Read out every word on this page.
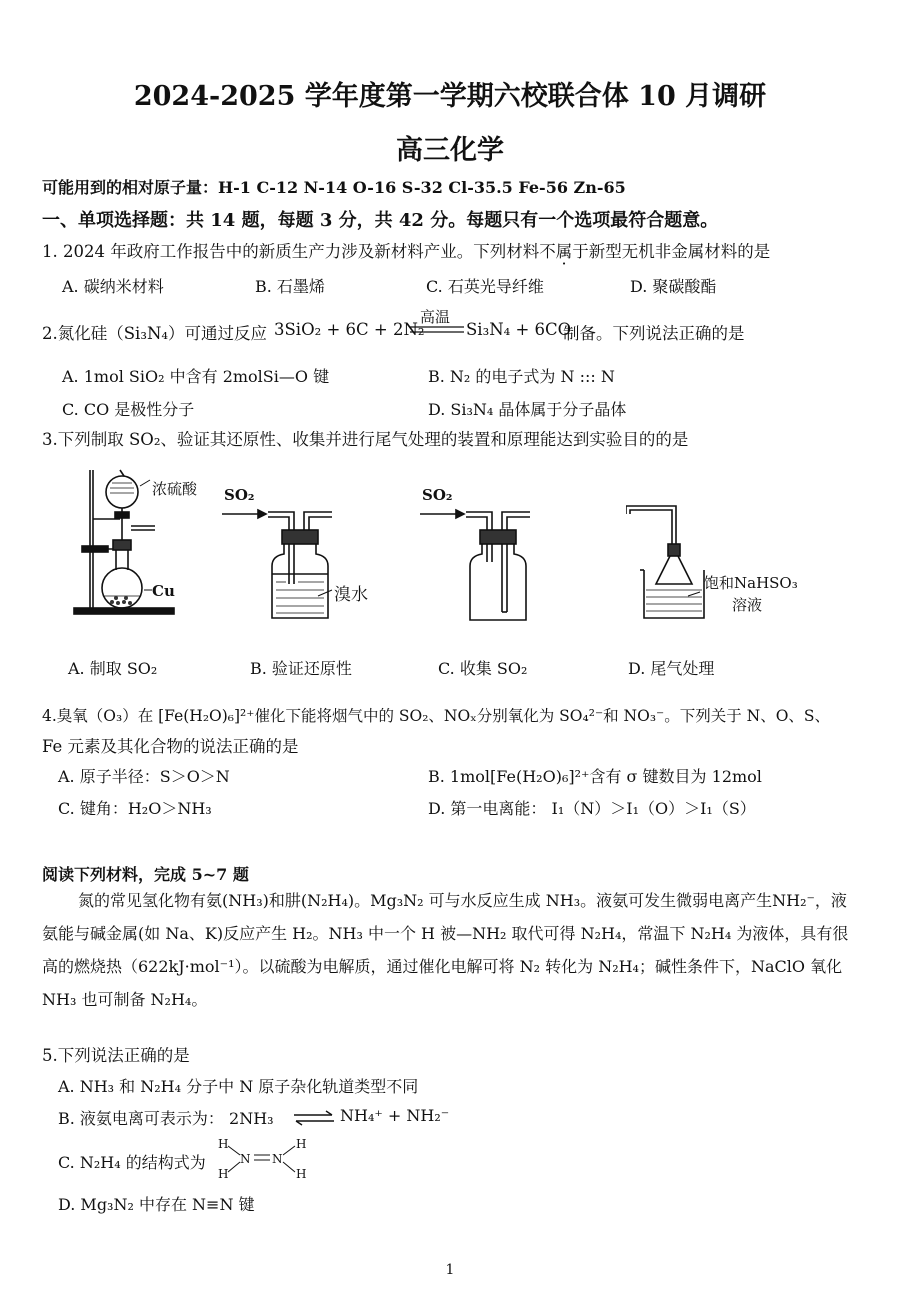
2024-2025 学年度第一学期六校联合体 10 月调研
高三化学
可能用到的相对原子量：H-1 C-12 N-14 O-16 S-32 Cl-35.5 Fe-56 Zn-65
一、单项选择题：共 14 题，每题 3 分，共 42 分。每题只有一个选项最符合题意。
1. 2024 年政府工作报告中的新质生产力涉及新材料产业。下列材料不属于新型无机非金属材料的是
A. 碳纳米材料	B. 石墨烯	C. 石英光导纤维	D. 聚碳酸酯
2.氮化硅（Si₃N₄）可通过反应 3SiO₂ + 6C + 2N₂
高温
Si₃N₄ + 6CO
制备。下列说法正确的是
A. 1mol SiO₂ 中含有 2molSi—O 键	B. N₂ 的电子式为 N ::: N
C. CO 是极性分子	D. Si₃N₄ 晶体属于分子晶体
3.下列制取 SO₂、验证其还原性、收集并进行尾气处理的装置和原理能达到实验目的的是
浓硫酸
Cu
SO₂
溴水
SO₂
饱和NaHSO₃
溶液
A. 制取 SO₂	B. 验证还原性	C. 收集 SO₂	D. 尾气处理
4.臭氧（O₃）在 [Fe(H₂O)₆]²⁺催化下能将烟气中的 SO₂、NOₓ分别氧化为 SO₄²⁻和 NO₃⁻。下列关于 N、O、S、
Fe 元素及其化合物的说法正确的是
A. 原子半径：S＞O＞N	B. 1mol[Fe(H₂O)₆]²⁺含有 σ 键数目为 12mol
C. 键角：H₂O＞NH₃	D. 第一电离能： I₁（N）＞I₁（O）＞I₁（S）
阅读下列材料，完成 5~7 题
氮的常见氢化物有氨(NH₃)和肼(N₂H₄)。Mg₃N₂ 可与水反应生成 NH₃。液氨可发生微弱电离产生NH₂⁻，液氨能与碱金属(如 Na、K)反应产生 H₂。NH₃ 中一个 H 被—NH₂ 取代可得 N₂H₄，常温下 N₂H₄ 为液体，具有很高的燃烧热（622kJ·mol⁻¹）。以硫酸为电解质，通过催化电解可将 N₂ 转化为 N₂H₄；碱性条件下，NaClO 氧化 NH₃ 也可制备 N₂H₄。
5.下列说法正确的是
A. NH₃ 和 N₂H₄ 分子中 N 原子杂化轨道类型不同
B. 液氨电离可表示为： 2NH₃ ⇌ NH₄⁺ + NH₂⁻
C. N₂H₄ 的结构式为
H
H
N N
H
H
D. Mg₃N₂ 中存在 N≡N 键
1
